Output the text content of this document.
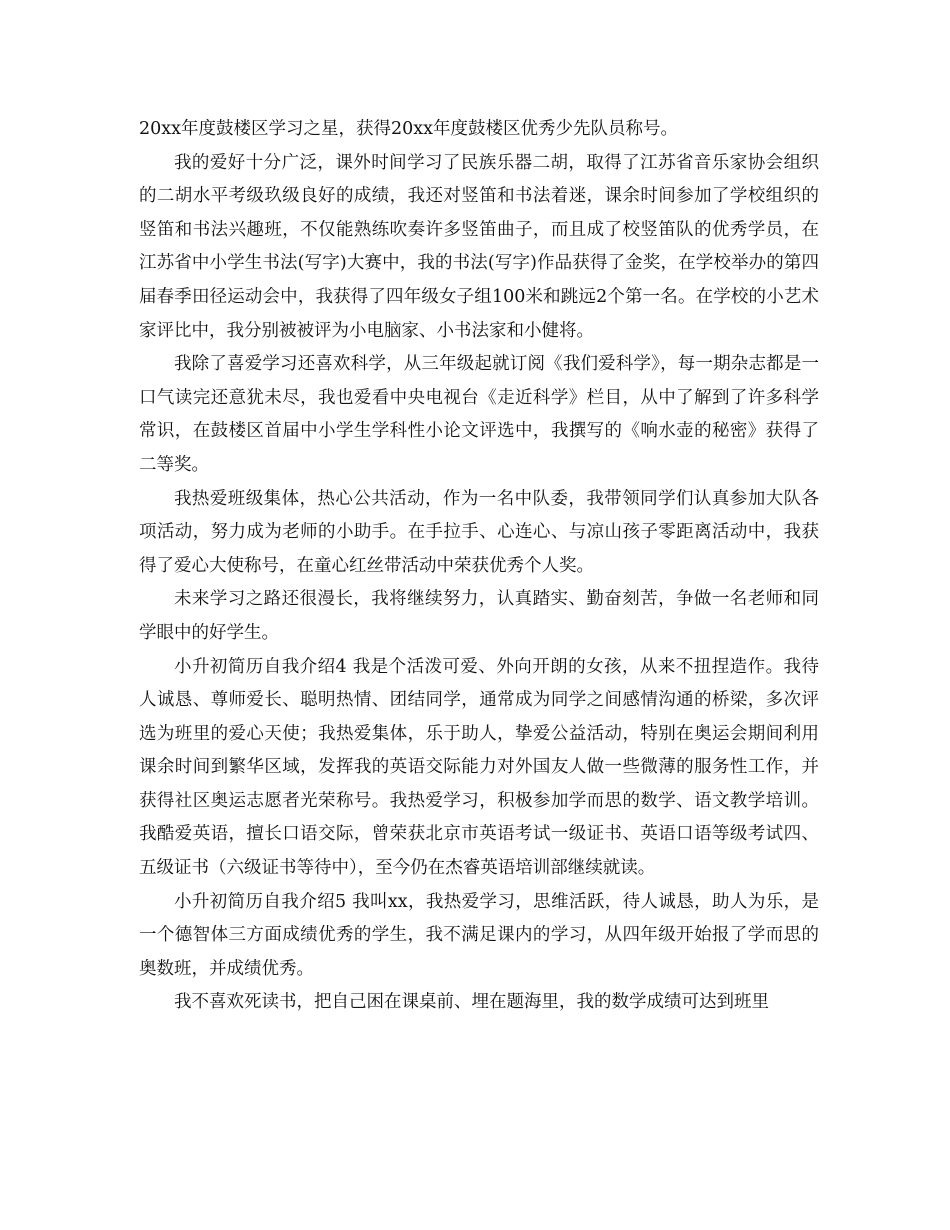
20xx年度鼓楼区学习之星，获得20xx年度鼓楼区优秀少先队员称号。

我的爱好十分广泛，课外时间学习了民族乐器二胡，取得了江苏省音乐家协会组织的二胡水平考级玖级良好的成绩，我还对竖笛和书法着迷，课余时间参加了学校组织的竖笛和书法兴趣班，不仅能熟练吹奏许多竖笛曲子，而且成了校竖笛队的优秀学员，在江苏省中小学生书法(写字)大赛中，我的书法(写字)作品获得了金奖，在学校举办的第四届春季田径运动会中，我获得了四年级女子组100米和跳远2个第一名。在学校的小艺术家评比中，我分别被被评为小电脑家、小书法家和小健将。

我除了喜爱学习还喜欢科学，从三年级起就订阅《我们爱科学》，每一期杂志都是一口气读完还意犹未尽，我也爱看中央电视台《走近科学》栏目，从中了解到了许多科学常识，在鼓楼区首届中小学生学科性小论文评选中，我撰写的《响水壶的秘密》获得了二等奖。

我热爱班级集体，热心公共活动，作为一名中队委，我带领同学们认真参加大队各项活动，努力成为老师的小助手。在手拉手、心连心、与凉山孩子零距离活动中，我获得了爱心大使称号，在童心红丝带活动中荣获优秀个人奖。

未来学习之路还很漫长，我将继续努力，认真踏实、勤奋刻苦，争做一名老师和同学眼中的好学生。

小升初简历自我介绍4 我是个活泼可爱、外向开朗的女孩，从来不扭捏造作。我待人诚恳、尊师爱长、聪明热情、团结同学，通常成为同学之间感情沟通的桥梁，多次评选为班里的爱心天使；我热爱集体，乐于助人，挚爱公益活动，特别在奥运会期间利用课余时间到繁华区域，发挥我的英语交际能力对外国友人做一些微薄的服务性工作，并获得社区奥运志愿者光荣称号。我热爱学习，积极参加学而思的数学、语文教学培训。我酷爱英语，擅长口语交际，曾荣获北京市英语考试一级证书、英语口语等级考试四、五级证书（六级证书等待中），至今仍在杰睿英语培训部继续就读。

小升初简历自我介绍5 我叫xx，我热爱学习，思维活跃，待人诚恳，助人为乐，是一个德智体三方面成绩优秀的学生，我不满足课内的学习，从四年级开始报了学而思的奥数班，并成绩优秀。

我不喜欢死读书，把自己困在课桌前、埋在题海里，我的数学成绩可达到班里
